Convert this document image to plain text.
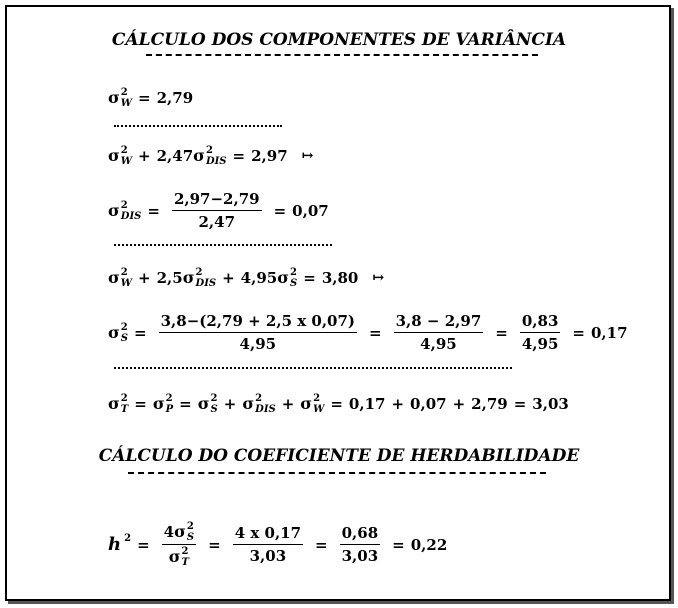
CÁLCULO DOS COMPONENTES DE VARIÂNCIA
σ 2
W = 2,79
σ 2
W + 2,47 σ 2
DIS = 2,97 ↦
σ 2
DIS = $\frac{2,97-2,79}{2,47} = 0,07$
σ 2
W + 2,5 σ 2
DIS + 4,95 σ 2
S = 3,80 ↦
σ 2
$S = \frac{3,8-(2,79 + 2,5 x 0,07)}{4,95} = \frac{3,8 - 2,97}{4,95} = \frac{0,83}{4,95} = 0,17$
σ 2
T = σ 2
P = σ 2
S + σ 2
DIS + σ 2
W = 0,17 + 0,07 + 2,79 = 3,03
CÁLCULO DO COEFICIENTE DE HERDABILIDADE
h 2 = 4 σ 2
S
σ 2
$T = \frac{4 x 0,17}{3,03} = \frac{0,68}{3,03} = 0,22$
